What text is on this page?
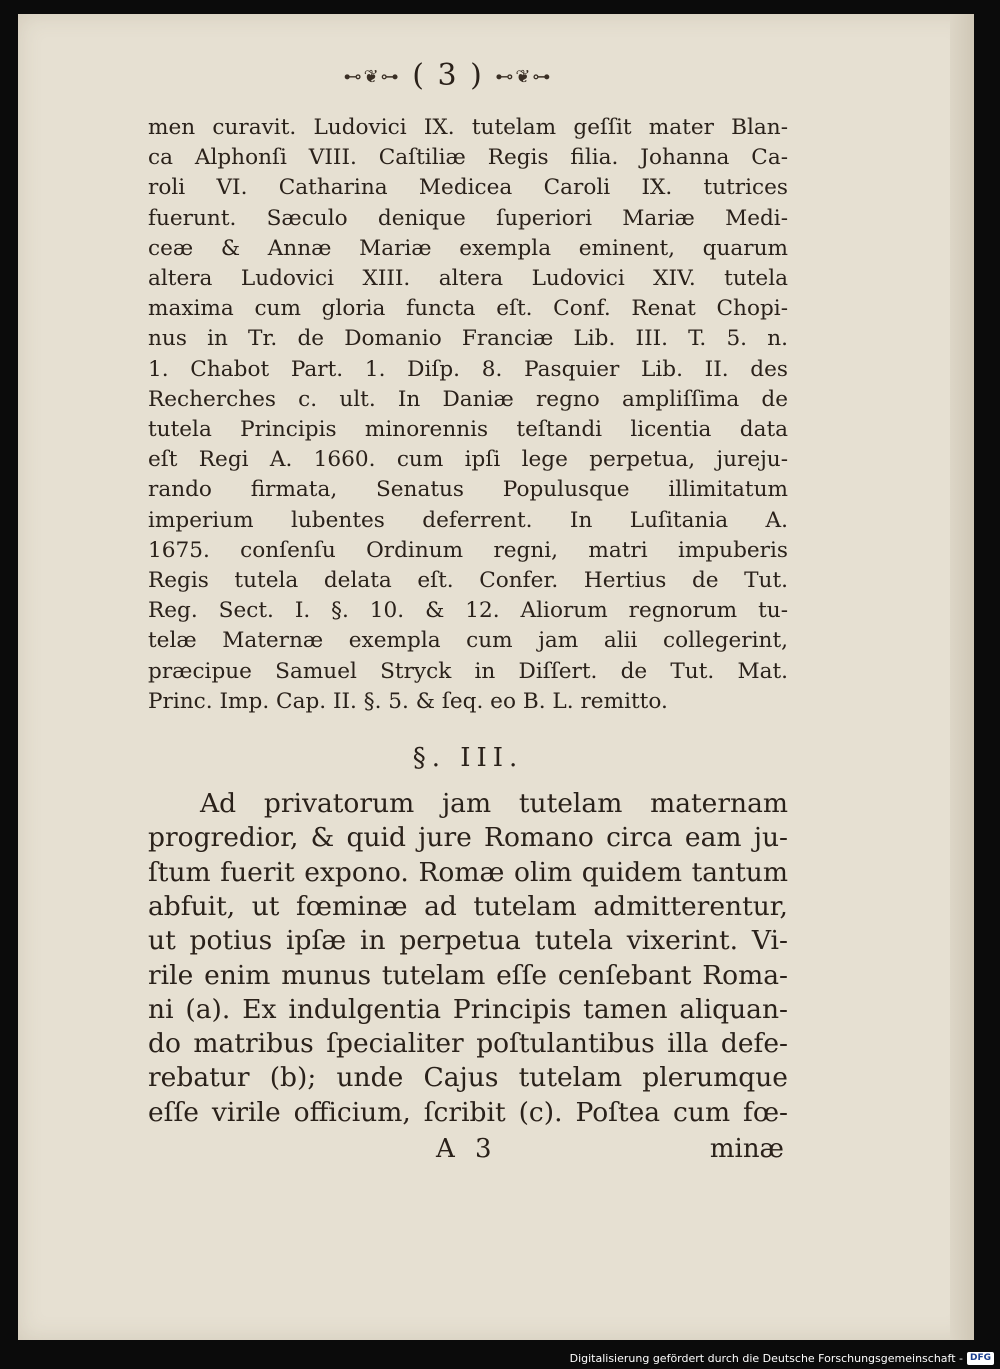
⊷❦⊶ ( 3 ) ⊷❦⊶
men curavit. Ludovici IX. tutelam geſſit mater Blan-
ca Alphonſi VIII. Caſtiliæ Regis filia. Johanna Ca-
roli VI. Catharina Medicea Caroli IX. tutrices
fuerunt. Sæculo denique ſuperiori Mariæ Medi-
ceæ & Annæ Mariæ exempla eminent, quarum
altera Ludovici XIII. altera Ludovici XIV. tutela
maxima cum gloria functa eſt. Conf. Renat Chopi-
nus in Tr. de Domanio Franciæ Lib. III. T. 5. n.
1. Chabot Part. 1. Diſp. 8. Pasquier Lib. II. des
Recherches c. ult. In Daniæ regno ampliſſima de
tutela Principis minorennis teſtandi licentia data
eſt Regi A. 1660. cum ipſi lege perpetua, jureju-
rando firmata, Senatus Populusque illimitatum
imperium lubentes deferrent. In Luſitania A.
1675. conſenſu Ordinum regni, matri impuberis
Regis tutela delata eſt. Confer. Hertius de Tut.
Reg. Sect. I. §. 10. & 12. Aliorum regnorum tu-
telæ Maternæ exempla cum jam alii collegerint,
præcipue Samuel Stryck in Diſſert. de Tut. Mat.
Princ. Imp. Cap. II. §. 5. & ſeq. eo B. L. remitto.
§. III.
Ad privatorum jam tutelam maternam
progredior, & quid jure Romano circa eam ju-
ſtum fuerit expono. Romæ olim quidem tantum
abfuit, ut fœminæ ad tutelam admitterentur,
ut potius ipſæ in perpetua tutela vixerint. Vi-
rile enim munus tutelam eſſe cenſebant Roma-
ni (a). Ex indulgentia Principis tamen aliquan-
do matribus ſpecialiter poſtulantibus illa defe-
rebatur (b); unde Cajus tutelam plerumque
eſſe virile officium, ſcribit (c). Poſtea cum fœ-
A 3	minæ
Digitalisierung gefördert durch die Deutsche Forschungsgemeinschaft - DFG
